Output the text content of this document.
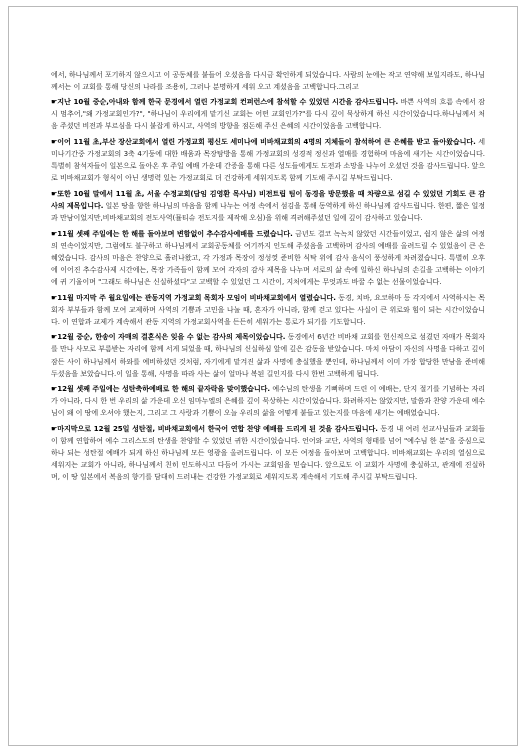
에서, 하나님께서 포기하지 않으시고 이 공동체를 붙들어 오셨음을 다시금 확인하게 되었습니다. 사람의 눈에는 작고 연약해 보일지라도, 하나님께서는 이 교회를 통해 당신의 나라를 조용히, 그러나 분명하게 세워 오고 계셨음을 고백합니다.그리고

☛지난 10월 중순,아내와 함께 한국 문경에서 열린 가정교회 컨퍼런스에 참석할 수 있었던 시간을 감사드립니다. 바쁜 사역의 흐름 속에서 잠시 멈추어,"왜 가정교회인가?", "하나님이 우리에게 맡기신 교회는 어떤 교회인가?"를 다시 깊이 묵상하게 하신 시간이었습니다.하나님께서 처음 주셨던 비전과 부르심을 다시 붙잡게 하시고, 사역의 방향을 점돈해 주신 은혜의 시간이었음을 고백합니다.

☛이어 11월 초,부산 장산교회에서 열린 가정교회 평신도 세미나에 비바채교회의 4명의 지체들이 참석하여 큰 은혜를 받고 돌아왔습니다. 세미나기간중 가정교회의 3축 4기둥에 대한 배움과 목장탐방을 통해 가정교회의 성경적 정신과 열매를 경험하며 마음에 새기는 시간이었습니다. 특별히 참석자들이 일본으로 돌아온 후 주일 예배 가운데 간증을 통해 다른 성도들에게도 도전과 소망을 나누어 오셨던 것을 감사드립니다. 앞으로 비바채교회가 형식이 아닌 생명력 있는 가정교회로 더 건강하게 세워지도록 함께 기도해 주시길 부탁드립니다.

☛또한 10월 말에서 11월 초, 서울 수정교회(담임 김영환 목사님) 비전트립 팀이 동경을 방문했을 때 차량으로 섬길 수 있었던 기회도 큰 감사의 제목입니다. 일본 땅을 향한 하나님의 마음을 함께 나누는 여정 속에서 섬김을 통해 동역하게 하신 하나님께 감사드립니다. 한편, 짧은 일정과 만남이었지만,비바채교회의 전도사역(뮬티슈 전도지를 제작해 오심)을 위해 격려해주셨던 일에 깊이 감사하고 있습니다.

☛11월 셋째 주일에는 한 해를 돌아보며 변함없이 추수감사예배를 드렸습니다. 금년도 결코 녹녹치 않았던 시간들이었고, 쉽지 않은 삶의 여정의 연속이었지만, 그럼에도 불구하고 하나님께서 교회공동체를 여기까지 인도해 주셨음을 고백하며 감사의 예배를 올려드릴 수 있었음이 큰 은혜였습니다. 감사의 마음은 찬양으로 흘러나왔고, 각 가정과 목장이 정성껏 준비한 식탁 위에 감사 음식이 풍성하게 차려졌습니다. 특별히 오후에 이어진 추수감사제 시간에는, 목장 가족들이 함께 모여 각자의 감사 제목을 나누며 서로의 삶 속에 일하신 하나님의 손길을 고백하는 이야기에 귀 기울이며 "그래도 하나님은 신실하셨다"고 고백할 수 있었던 그 시간이, 지처에게는 무엇과도 바꿀 수 없는 선물이었습니다.

☛11월 마지막 주 월요일에는 관동지역 가정교회 목회자 모임이 비바채교회에서 열렸습니다. 동경, 치바, 요코하마 등 각지에서 사역하시는 목회자 부부들과 함께 모여 교제하며 사역의 기쁨과 고민을 나눌 때, 혼자가 아니라, 함께 걷고 있다는 사실이 큰 위로와 힘이 되는 시간이었습니다. 이 연합과 교제가 계속해서 관동 지역의 가정교회사역을 든든히 세워가는 통로가 되기를 기도합니다.

☛12월 중순, 한송이 자매의 결혼식은 잊을 수 없는 감사의 제목이었습니다. 동경에서 6년간 비바채 교회를 헌신적으로 섬겼던 자매가 목회자를 만나 사모로 부름받는 자리에 함께 서게 되었을 때, 하나님의 신실하심 앞에 깊은 감동을 받았습니다. 마치 아담이 자신의 사명을 다하고 깊이 잠든 사이 하나님께서 하와를 예비하셨던 것처럼, 자기에게 맡겨진 삶과 사명에 충실했을 뿐인데, 하나님께서 이미 가장 합당한 만남을 준비해 두셨음을 보았습니다.이 일을 통해, 사명을 따라 사는 삶이 얼마나 복된 길인지를 다시 한번 고백하게 됩니다.

☛12월 셋째 주일에는 성탄축하예배로 한 해의 끝자락을 맞이했습니다. 예수님의 탄생을 기뻐하며 드린 이 예배는, 단지 절기를 기념하는 자리가 아니라, 다시 한 번 우리의 삶 가운데 오신 임마누엘의 은혜를 깊이 묵상하는 시간이었습니다. 화려하지는 않았지만, 말씀과 찬양 가운데 예수님이 왜 이 땅에 오셔야 했는지, 그리고 그 사랑과 기쁨이 오늘 우리의 삶을 어떻게 붙들고 있는지를 마음에 새기는 예배였습니다.

☛마지막으로 12월 25일 성탄절, 비바채교회에서 한국어 연합 찬양 예배를 드리게 된 것을 감사드립니다. 동경 내 여러 선교사님들과 교회들이 함께 연합하여 예수 그리스도의 탄생을 찬양할 수 있었던 귀한 시간이었습니다. 언어와 교단, 사역의 형태를 넘어 "예수님 한 분"을 중심으로 하나 되는 성탄절 예배가 되게 하신 하나님께 모든 영광을 올려드립니다. 이 모든 여정을 돌아보며 고백합니다. 비바채교회는 우리의 열심으로 세워지는 교회가 아니라, 하나님께서 친히 인도하시고 다듬어 가시는 교회임을 믿습니다. 앞으로도 이 교회가 사명에 충실하고, 관계에 진실하며, 이 땅 일본에서 복음의 향기를 담대히 드러내는 건강한 가정교회로 세워지도록 계속해서 기도해 주시길 부탁드립니다.
